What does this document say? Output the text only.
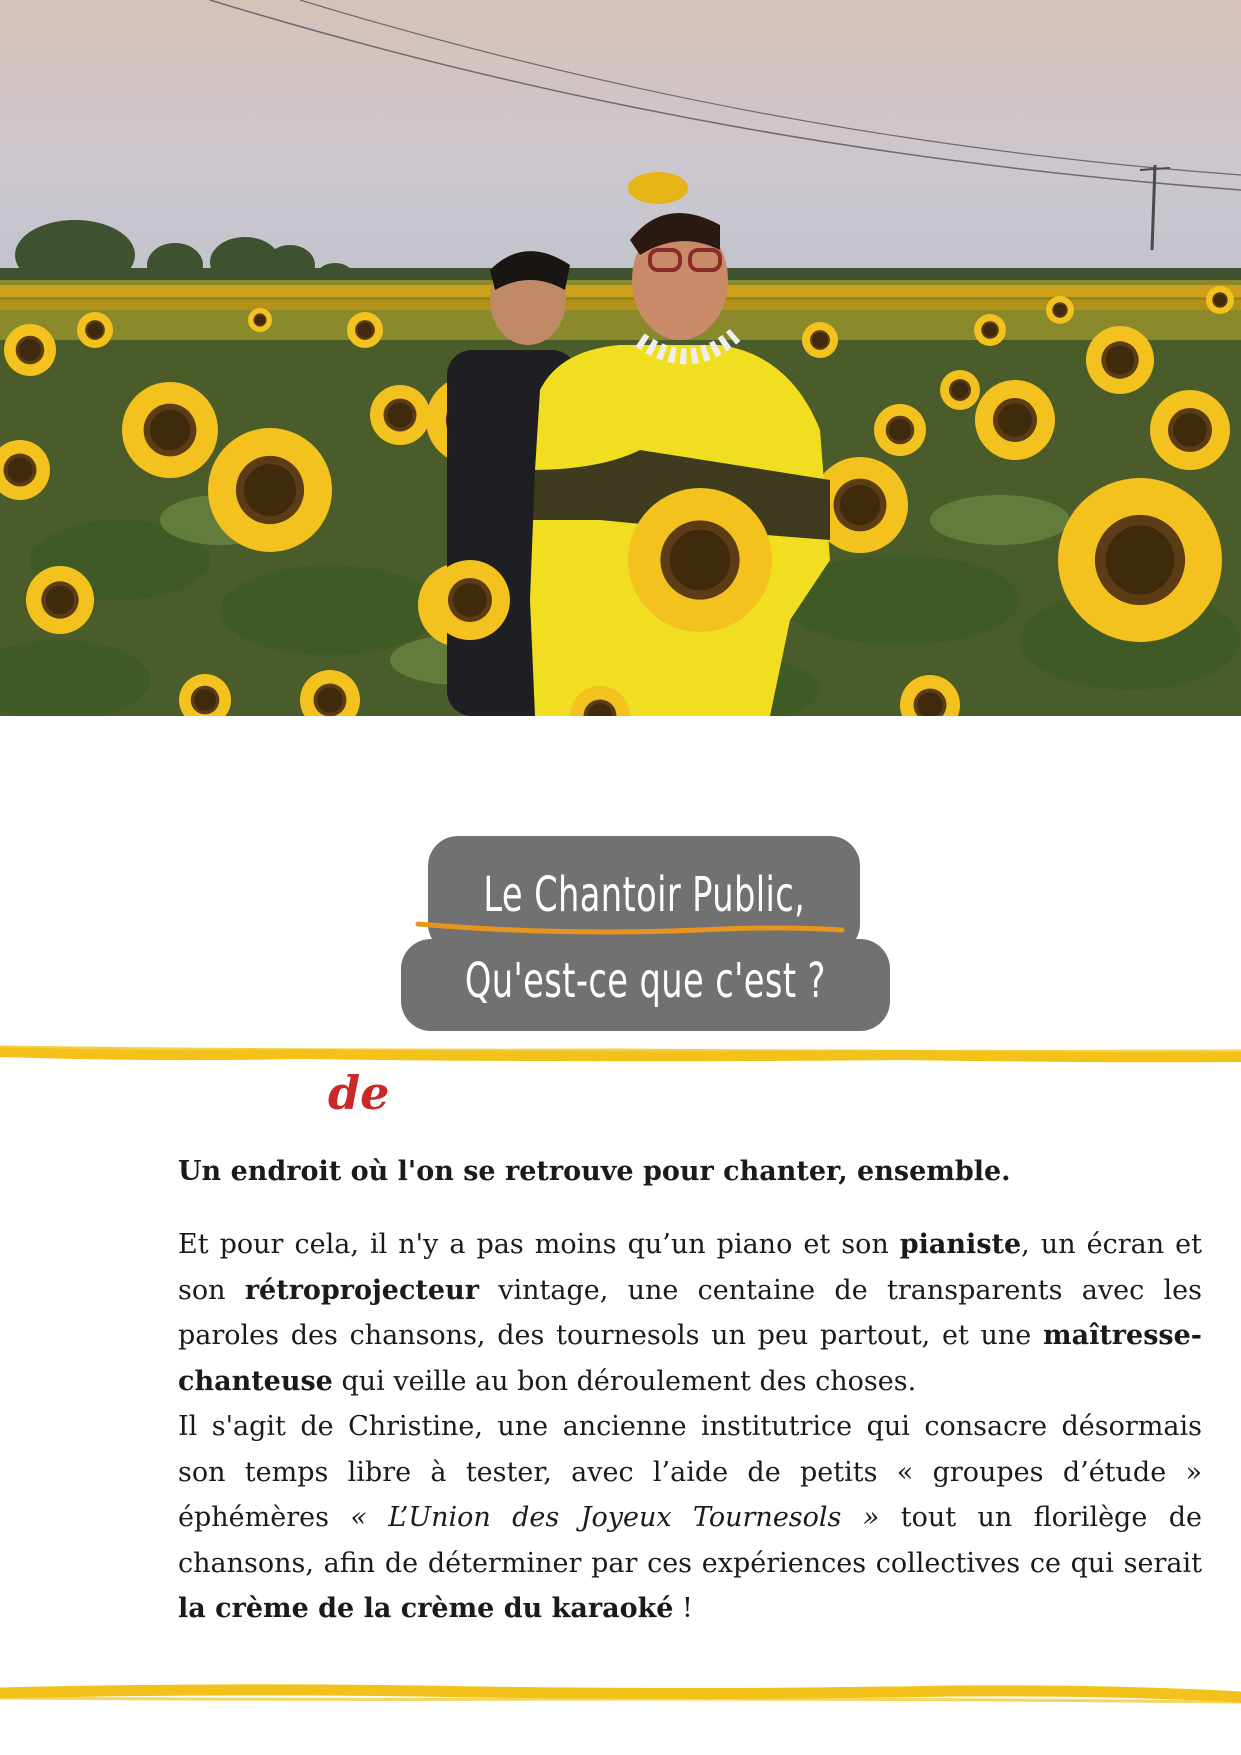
Le Chantoir Public,
Qu'est-ce que c'est ?
de

Un endroit où l'on se retrouve pour chanter, ensemble.

Et pour cela, il n'y a pas moins qu’un piano et son pianiste, un écran et son rétroprojecteur vintage, une centaine de transparents avec les paroles des chansons, des tournesols un peu partout, et une maîtresse-chanteuse qui veille au bon déroulement des choses.

Il s'agit de Christine, une ancienne institutrice qui consacre désormais son temps libre à tester, avec l’aide de petits « groupes d’étude » éphémères « L’Union des Joyeux Tournesols » tout un florilège de chansons, afin de déterminer par ces expériences collectives ce qui serait la crème de la crème du karaoké !
